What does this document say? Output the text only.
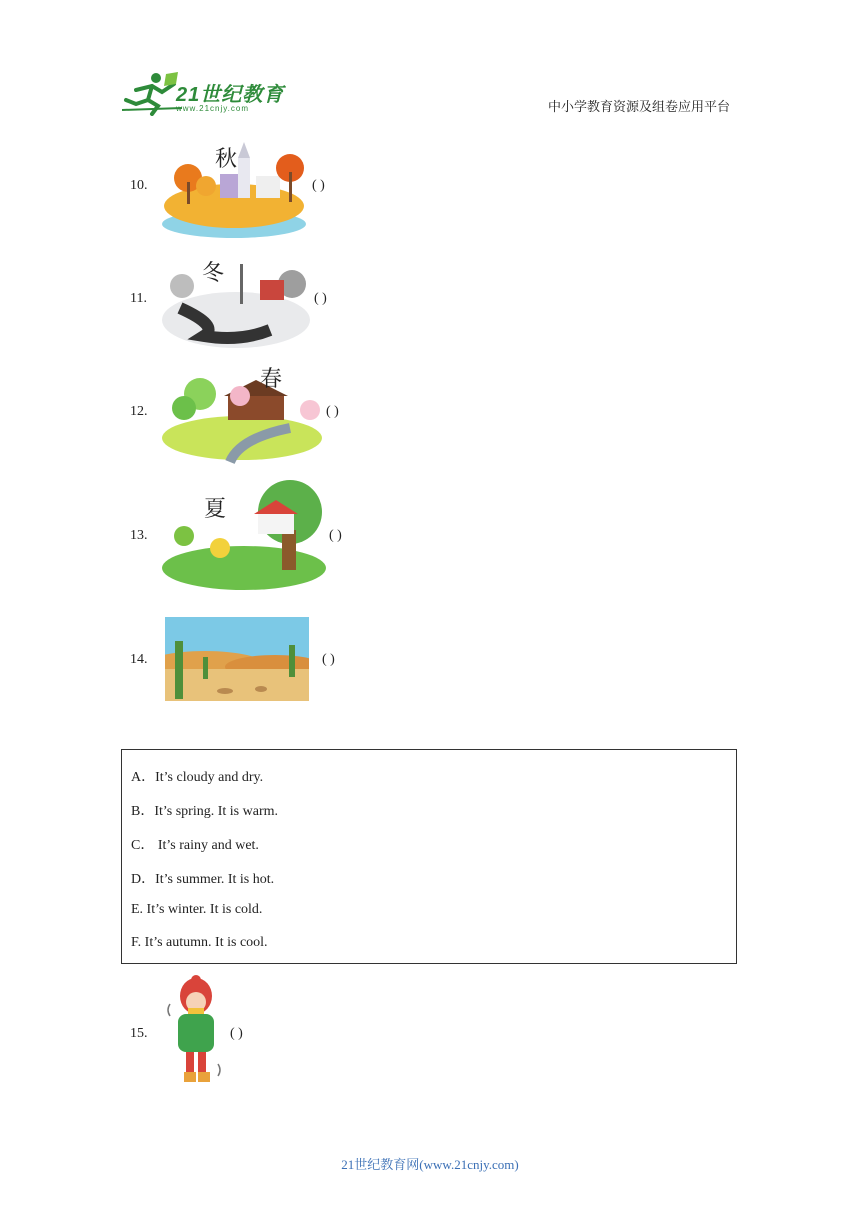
21世纪教育
www.21cnjy.com	中小学教育资源及组卷应用平台
10.
秋
( )
11.
冬
( )
12.
春
( )
13.
夏
( )
14.	( )
A．It’s cloudy and dry.
B．It’s spring. It is warm.
C． It’s rainy and wet.
D．It’s summer. It is hot.
E. It’s winter. It is cold.
F. It’s autumn. It is cool.
15.	( )
21世纪教育网(www.21cnjy.com)
